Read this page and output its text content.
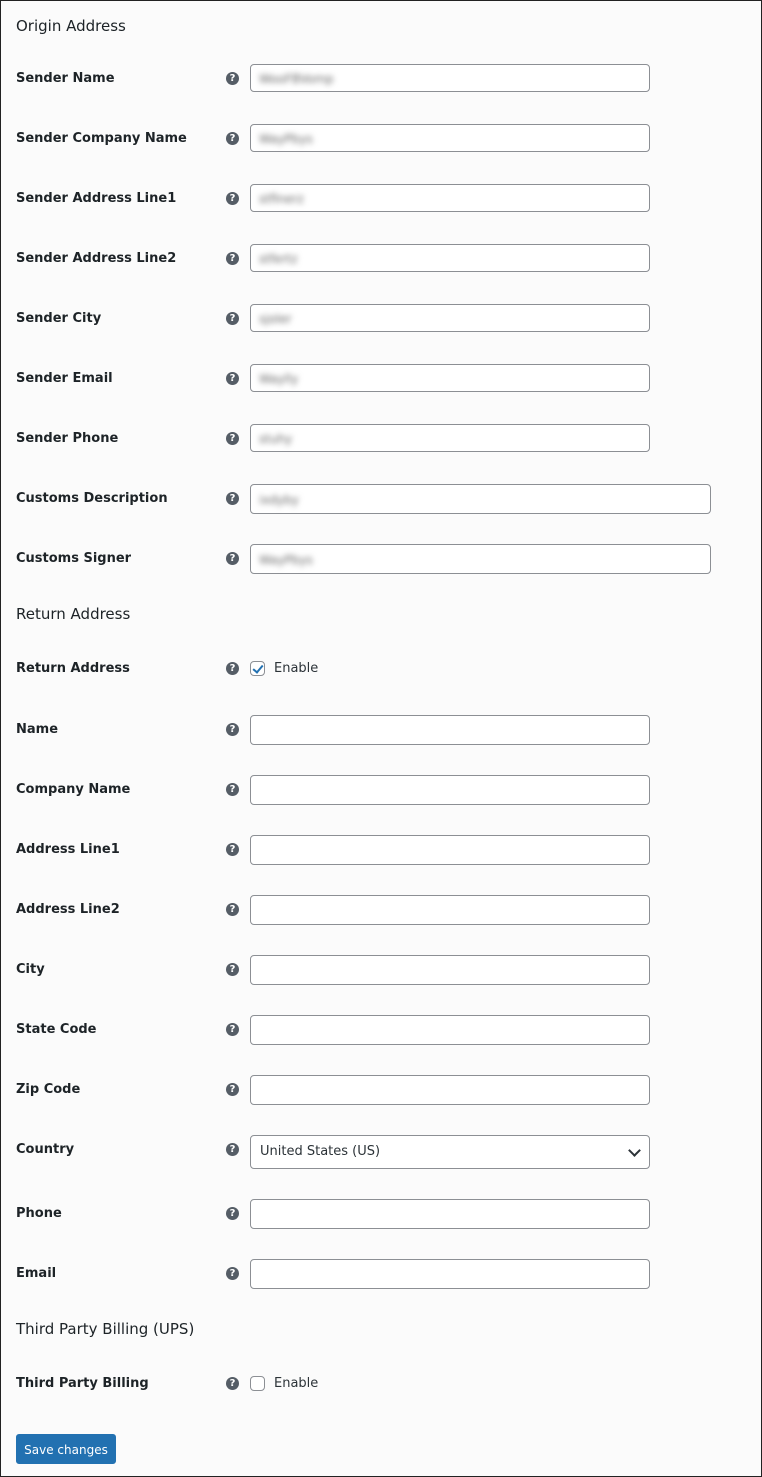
Origin Address
Sender Name	?	WooFBVomp
Sender Company Name	?	WayPbys
Sender Address Line1	?	stfinerz
Sender Address Line2	?	stfertz
Sender City	?	sjoler
Sender Email	?	Waylly
Sender Phone	?	stuhy
Customs Description	?	ixdyby
Customs Signer	?	WayPbys
Return Address
Return Address	?	Enable
Name	?
Company Name	?
Address Line1	?
Address Line2	?
City	?
State Code	?
Zip Code	?
Country	?	United States (US)
Phone	?
Email	?
Third Party Billing (UPS)
Third Party Billing	?	Enable
Save changes
